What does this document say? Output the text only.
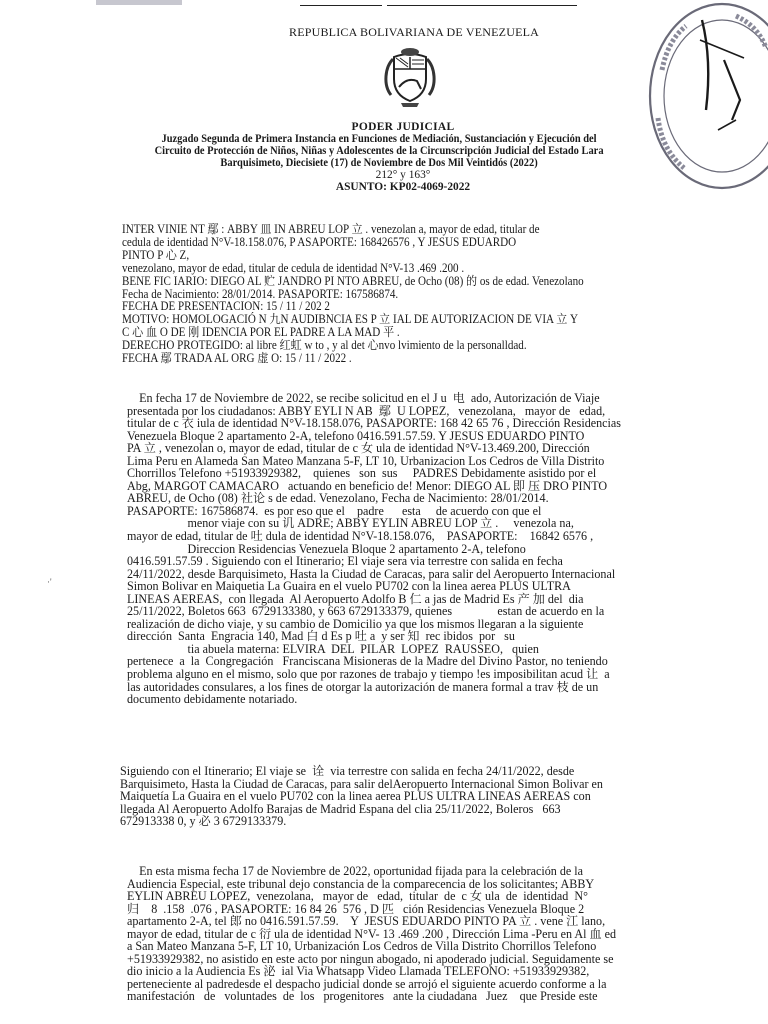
REPUBLICA BOLIVARIANA DE VENEZUELA
PODER JUDICIAL
Juzgado Segunda de Primera Instancia en Funciones de Mediación, Sustanciación y Ejecución del
Circuito de Protección de Niños, Niñas y Adolescentes de la Circunscripción Judicial del Estado Lara
Barquisimeto, Diecisiete (17) de Noviembre de Dos Mil Veintidós (2022)
212° y 163°
ASUNTO: KP02-4069-2022
INTER VINIE NT 鄢 : ABBY 皿 IN ABREU LOP 立 . venezolan a, mayor de edad, titular de
cedula de identidad N°V-18.158.076, P ASAPORTE: 168426576 , Y JESUS EDUARDO
PINTO P 心 Z,
venezolano, mayor de edad, titular de cedula de identidad N°V-13 .469 .200 .
BENE FIC IARIO: DIEGO AL 贮 JANDRO PI NTO ABREU, de Ocho (08) 的 os de edad. Venezolano
Fecha de Nacimiento: 28/01/2014. PASAPORTE: 167586874.
FECHA DE PRESENTACION: 15 / 11 / 202 2
MOTIVO: HOMOLOGACIÓ N 九N AUDIBNCIA ES P 立 IAL DE AUTORIZACION DE VIA 立 Y
C 心 血 O DE 刚 IDENCIA POR EL PADRE A LA MAD 平 .
DERECHO PROTEGIDO: al libre 红虹 w to , y al det 心nvo lvimiento de la personalldad.
FECHA 鄢 TRADA AL ORG 虚 O: 15 / 11 / 2022 .
En fecha 17 de Noviembre de 2022, se recibe solicitud en el J u  电  ado, Autorización de Viaje
presentada por los ciudadanos: ABBY EYLI N AB  鄢  U LOPEZ,   venezolana,   mayor de   edad,
titular de c 衣 iula de identidad N°V-18.158.076, PASAPORTE: 168 42 65 76 , Dirección Residencias
Venezuela Bloque 2 apartamento 2-A, telefono 0416.591.57.59. Y JESUS EDUARDO PINTO
PA 立 , venezolan o, mayor de edad, titular de c 女 ula de identidad N°V-13.469.200, Dirección
Lima Peru en Alameda San Mateo Manzana 5-F, LT 10, Urbanizacion Los Cedros de Villa Distrito
Chorrillos Telefono +51933929382,    quienes   son  sus     PADRES Debidamente asistido por el
Abg, MARGOT CAMACARO   actuando en beneficio de! Menor: DIEGO AL 即 压 DRO PINTO
ABREU, de Ocho (08) 社论 s de edad. Venezolano, Fecha de Nacimiento: 28/01/2014.
PASAPORTE: 167586874.  es por eso que el    padre      esta     de acuerdo con que el
menor viaje con su 讥 ADRE; ABBY EYLIN ABREU LOP 立 .     venezola na,
mayor de edad, titular de 吐 dula de identidad N°V-18.158.076,    PASAPORTE:    16842 6576 ,
Direccion Residencias Venezuela Bloque 2 apartamento 2-A, telefono
0416.591.57.59 . Siguiendo con el Itinerario; El viaje sera via terrestre con salida en fecha
24/11/2022, desde Barquisimeto, Hasta la Ciudad de Caracas, para salir del Aeropuerto Internacional
Simon Bolivar en Maiquetia La Guaira en el vuelo PU702 con la linea aerea PLUS ULTRA
LINEAS AEREAS,  con llegada  Al Aeropuerto Adolfo B 仁 a jas de Madrid Es 产 加 del  dia
25/11/2022, Boletos 663  6729133380, y 663 6729133379, quienes               estan de acuerdo en la
realización de dicho viaje, y su cambio de Domicilio ya que los mismos llegaran a la siguiente
dirección  Santa  Engracia 140, Mad 白 d Es p 吐 a  y ser 知  rec ibidos  por   su
tia abuela materna: ELVIRA  DEL  PILAR  LOPEZ  RAUSSEO,   quien
pertenece  a  la  Congregación   Franciscana Misioneras de la Madre del Divino Pastor, no teniendo
problema alguno en el mismo, solo que por razones de trabajo y tiempo !es imposibilitan acud 让  a
las autoridades consulares, a los fines de otorgar la autorización de manera formal a trav 枝 de un
documento debidamente notariado.
Siguiendo con el Itinerario; El viaje se  诠  via terrestre con salida en fecha 24/11/2022, desde
Barquisimeto, Hasta la Ciudad de Caracas, para salir delAeropuerto Internacional Simon Bolivar en
Maiquetía La Guaira en el vuelo PU702 con la linea aerea PLUS ULTRA LINEAS AEREAS con
llegada Al Aeropuerto Adolfo Barajas de Madrid Espana del clia 25/11/2022, Boleros   663
672913338 0, y 必 3 6729133379.
En esta misma fecha 17 de Noviembre de 2022, oportunidad fijada para la celebración de la
Audiencia Especial, este tribunal dejo constancia de la comparecencia de los solicitantes; ABBY
EYLIN ABREU LOPEZ,  venezolana,   mayor de   edad,  titular  de  c 女 ula  de  identidad  N°
归    8  .158  .076 , PASAPORTE: 16 84 26  576 , D 匹   ción Residencias Venezuela Bloque 2
apartamento 2-A, tel 郎 no 0416.591.57.59.    Y  JESUS EDUARDO PINTO PA 立 . vene 江 lano,
mayor de edad, titular de c 衍 ula de identidad N°V- 13 .469 .200 , Dirección Lima -Peru en Al 血 ed
a San Mateo Manzana 5-F, LT 10, Urbanización Los Cedros de Villa Distrito Chorrillos Telefono
+51933929382, no asistido en este acto por ningun abogado, ni apoderado judicial. Seguidamente se
dio inicio a la Audiencia Es 泌  ial Via Whatsapp Video Llamada TELEFONO: +51933929382,
perteneciente al padredesde el despacho judicial donde se arrojó el siguiente acuerdo conforme a la
manifestación   de   voluntades  de  los   progenitores   ante la ciudadana   Juez    que Preside este
·'
